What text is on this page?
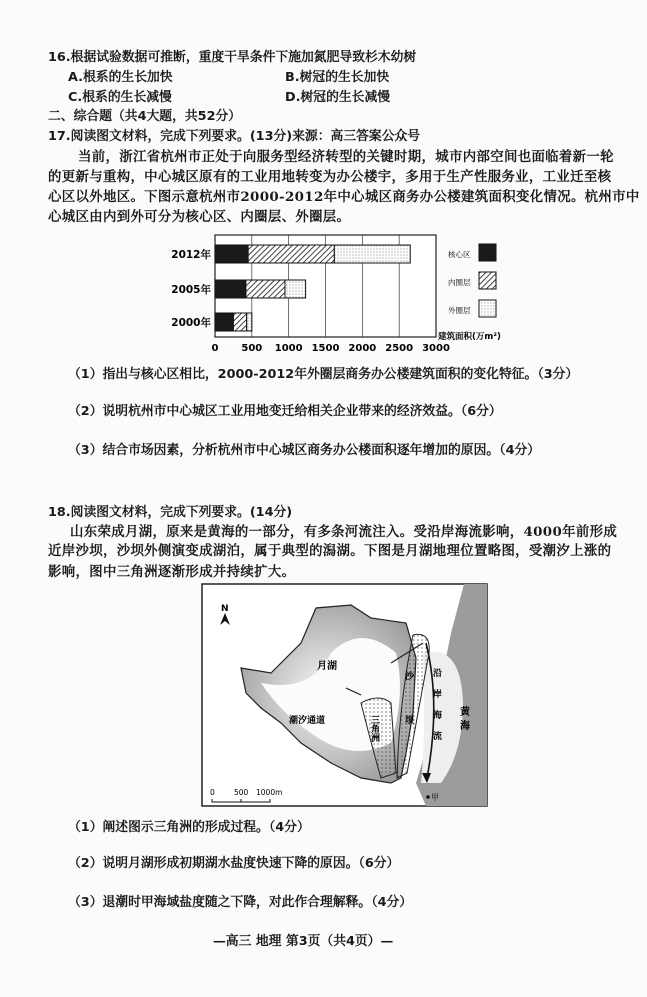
16.根据试验数据可推断，重度干旱条件下施加氮肥导致杉木幼树
A.根系的生长加快	B.树冠的生长加快
C.根系的生长减慢	D.树冠的生长减慢
二、综合题（共4大题，共52分）
17.阅读图文材料，完成下列要求。(13分)来源：高三答案公众号
当前，浙江省杭州市正处于向服务型经济转型的关键时期，城市内部空间也面临着新一轮
的更新与重构，中心城区原有的工业用地转变为办公楼宇，多用于生产性服务业，工业迁至核
心区以外地区。下图示意杭州市2000-2012年中心城区商务办公楼建筑面积变化情况。杭州市中
心城区由内到外可分为核心区、内圈层、外圈层。
0 500 1000 1500 2000 2500 3000
2012年
2005年
2000年
建筑面积(万m²)
核心区
内圈层
外圈层
（1）指出与核心区相比，2000-2012年外圈层商务办公楼建筑面积的变化特征。（3分）
（2）说明杭州市中心城区工业用地变迁给相关企业带来的经济效益。（6分）
（3）结合市场因素，分析杭州市中心城区商务办公楼面积逐年增加的原因。（4分）
18.阅读图文材料，完成下列要求。(14分)
山东荣成月湖，原来是黄海的一部分，有多条河流注入。受沿岸海流影响，4000年前形成
近岸沙坝，沙坝外侧演变成湖泊，属于典型的潟湖。下图是月湖地理位置略图，受潮汐上涨的
影响，图中三角洲逐渐形成并持续扩大。
N
月湖
潮汐通道	三角洲	沙坝 沿岸海流 黄海
甲
0	500 1000m
（1）阐述图示三角洲的形成过程。（4分）
（2）说明月湖形成初期湖水盐度快速下降的原因。（6分）
（3）退潮时甲海域盐度随之下降，对此作合理解释。（4分）
—高三 地理 第3页（共4页）—
